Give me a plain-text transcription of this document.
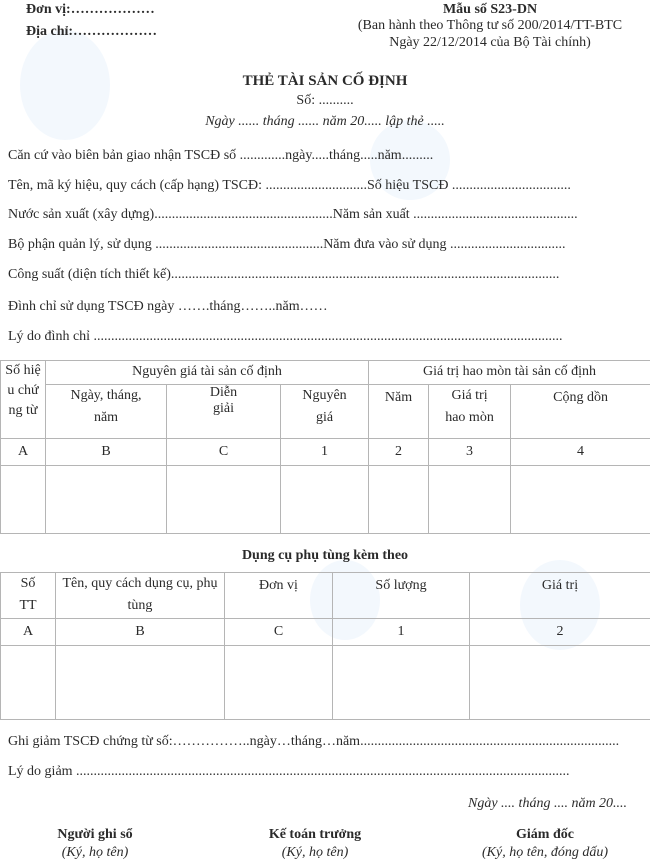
Đơn vị:………………
Địa chỉ:………………
Mẫu số S23-DN
(Ban hành theo Thông tư số 200/2014/TT-BTC
Ngày 22/12/2014 của Bộ Tài chính)
THẺ TÀI SẢN CỐ ĐỊNH
Số: ..........
Ngày ...... tháng ...... năm 20..... lập thẻ .....
Căn cứ vào biên bản giao nhận TSCĐ số .............ngày.....tháng.....năm.........
Tên, mã ký hiệu, quy cách (cấp hạng) TSCĐ: .............................Số hiệu TSCĐ ..................................
Nước sản xuất (xây dựng)...................................................Năm sản xuất ...............................................
Bộ phận quản lý, sử dụng ................................................Năm đưa vào sử dụng .................................
Công suất (diện tích thiết kế)...............................................................................................................
Đình chỉ sử dụng TSCĐ ngày …….tháng……..năm……
Lý do đình chỉ ......................................................................................................................................
Số hiệu chứng từ	Nguyên giá tài sản cố định			Giá trị hao mòn tài sản cố định		
	Ngày, tháng, năm	Diễn giải	Nguyên giá	Năm	Giá trị hao mòn	Cộng dồn
A	B	C	1	2	3	4

Dụng cụ phụ tùng kèm theo
Số TT	Tên, quy cách dụng cụ, phụ tùng	Đơn vị	Số lượng	Giá trị
A	B	C	1	2

Ghi giảm TSCĐ chứng từ số:……………..ngày…tháng…năm..........................................................................
Lý do giảm .............................................................................................................................................
Ngày .... tháng .... năm 20....
Người ghi sổ
(Ký, họ tên)
Kế toán trưởng
(Ký, họ tên)
Giám đốc
(Ký, họ tên, đóng dấu)
